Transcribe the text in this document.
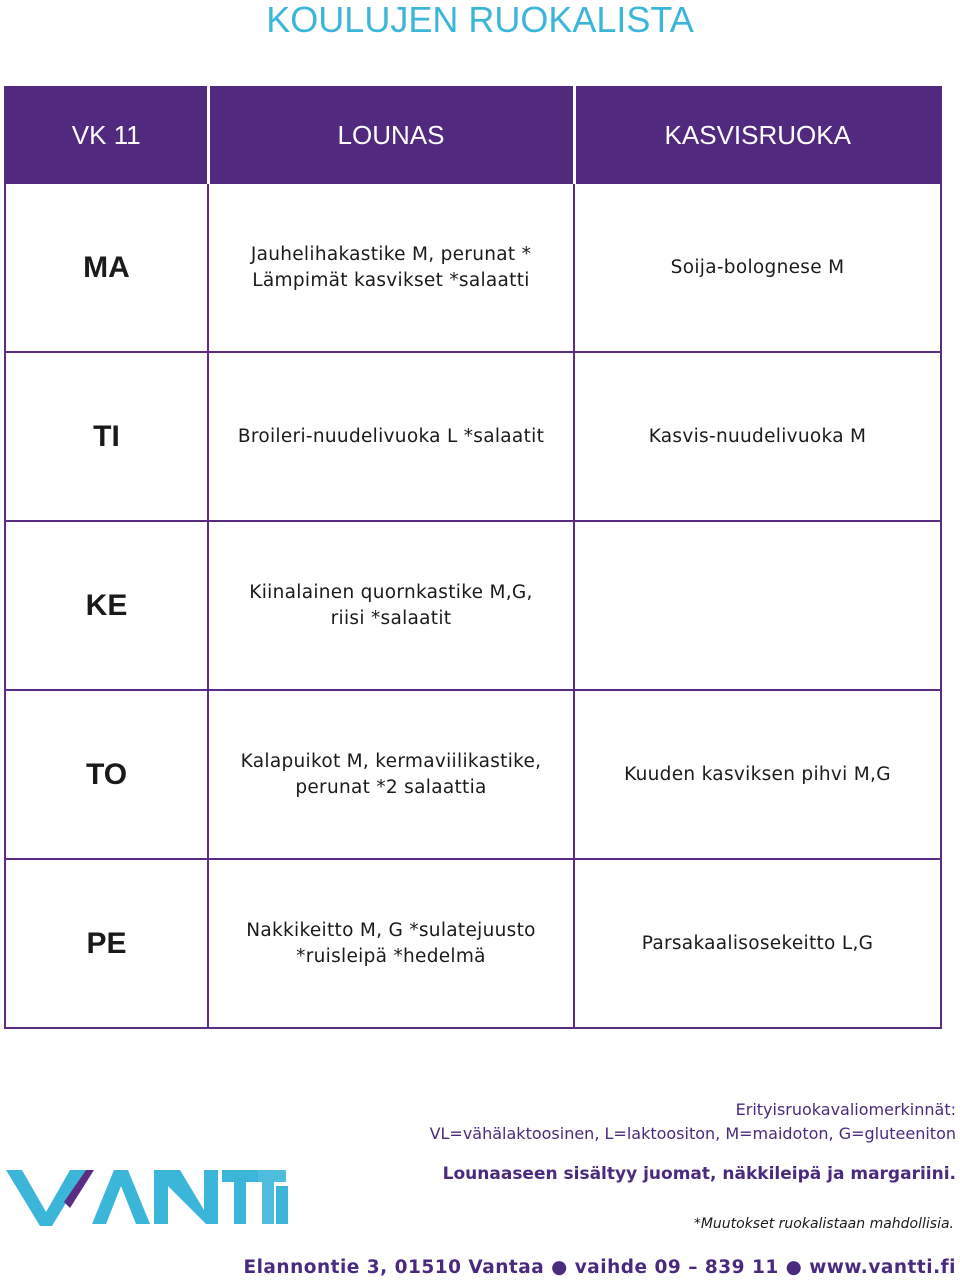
KOULUJEN RUOKALISTA
VK 11	LOUNAS	KASVISRUOKA
MA	Jauhelihakastike M, perunat *
Lämpimät kasvikset *salaatti	Soija-bolognese M

TI	Broileri-nuudelivuoka L *salaatit	Kasvis-nuudelivuoka M

KE	Kiinalainen quornkastike M,G,
riisi *salaatit	

TO	Kalapuikot M, kermaviilikastike,
perunat *2 salaattia	Kuuden kasviksen pihvi M,G

PE	Nakkikeitto M, G *sulatejuusto
*ruisleipä *hedelmä	Parsakaalisosekeitto L,G
Erityisruokavaliomerkinnät:
VL=vähälaktoosinen, L=laktoositon, M=maidoton, G=gluteeniton
Lounaaseen sisältyy juomat, näkkileipä ja margariini.
*Muutokset ruokalistaan mahdollisia.
Elannontie 3, 01510 Vantaa ● vaihde 09 – 839 11 ● www.vantti.fi
